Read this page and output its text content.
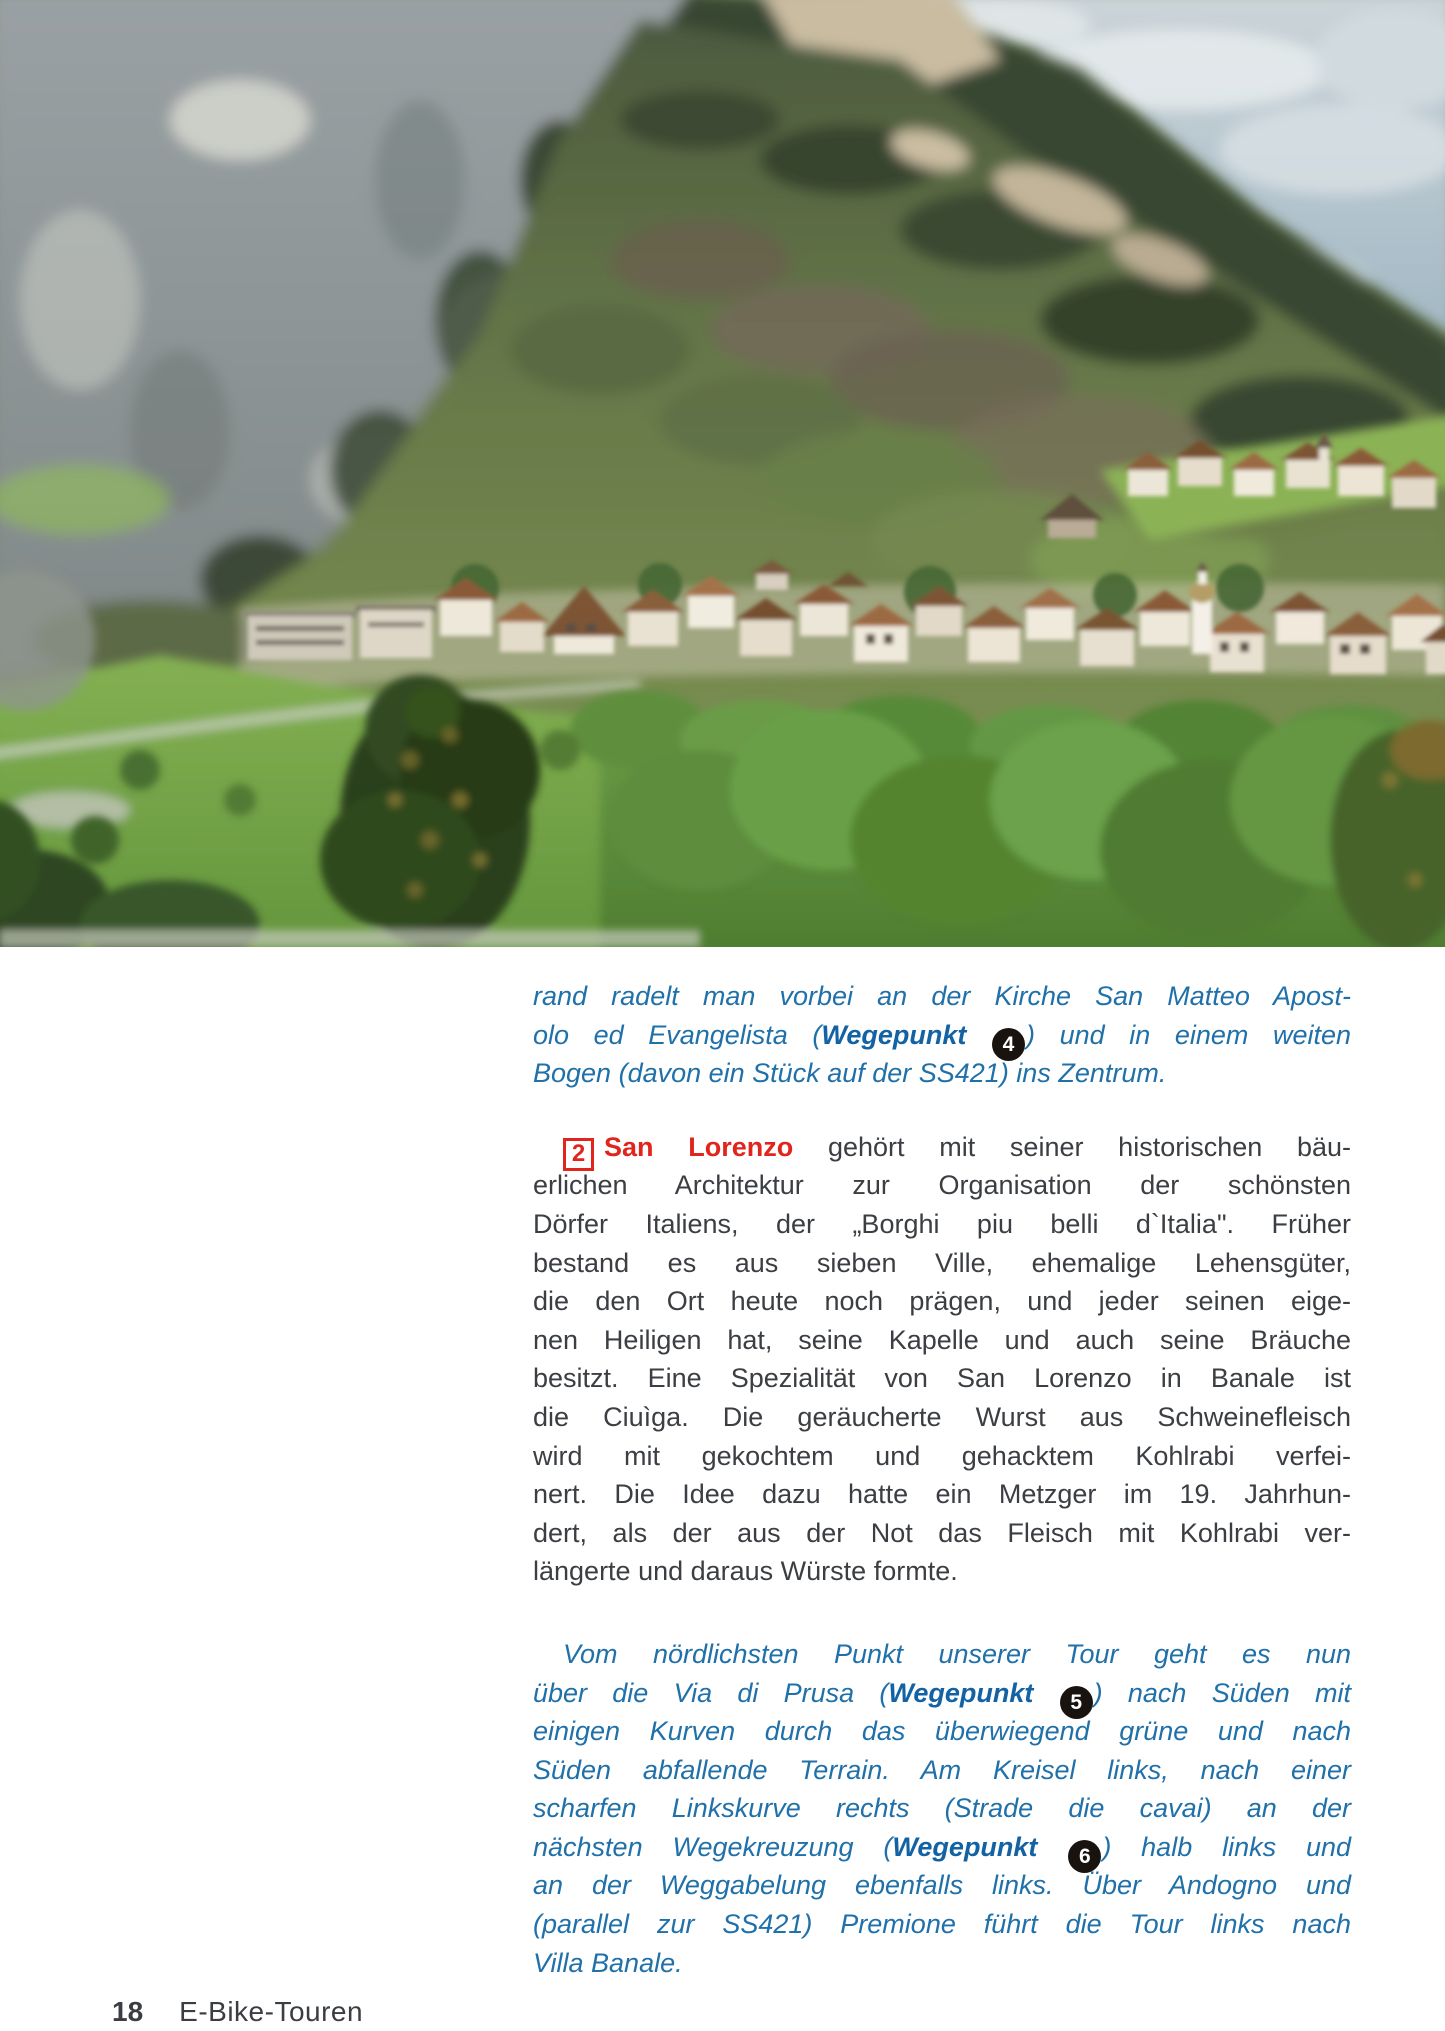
rand radelt man vorbei an der Kirche San Matteo Apost-
olo ed Evangelista (Wegepunkt 4 ) und in einem weiten
Bogen (davon ein Stück auf der SS421) ins Zentrum.
2 San Lorenzo gehört mit seiner historischen bäu-
erlichen Architektur zur Organisation der schönsten
Dörfer Italiens, der „Borghi piu belli d`Italia". Früher
bestand es aus sieben Ville, ehemalige Lehensgüter,
die den Ort heute noch prägen, und jeder seinen eige-
nen Heiligen hat, seine Kapelle und auch seine Bräuche
besitzt. Eine Spezialität von San Lorenzo in Banale ist
die Ciuìga. Die geräucherte Wurst aus Schweinefleisch
wird mit gekochtem und gehacktem Kohlrabi verfei-
nert. Die Idee dazu hatte ein Metzger im 19. Jahrhun-
dert, als der aus der Not das Fleisch mit Kohlrabi ver-
längerte und daraus Würste formte.
Vom nördlichsten Punkt unserer Tour geht es nun
über die Via di Prusa (Wegepunkt 5 ) nach Süden mit
einigen Kurven durch das überwiegend grüne und nach
Süden abfallende Terrain. Am Kreisel links, nach einer
scharfen Linkskurve rechts (Strade die cavai) an der
nächsten Wegekreuzung (Wegepunkt 6 ) halb links und
an der Weggabelung ebenfalls links. Über Andogno und
(parallel zur SS421) Premione führt die Tour links nach
Villa Banale.
18 E-Bike-Touren
